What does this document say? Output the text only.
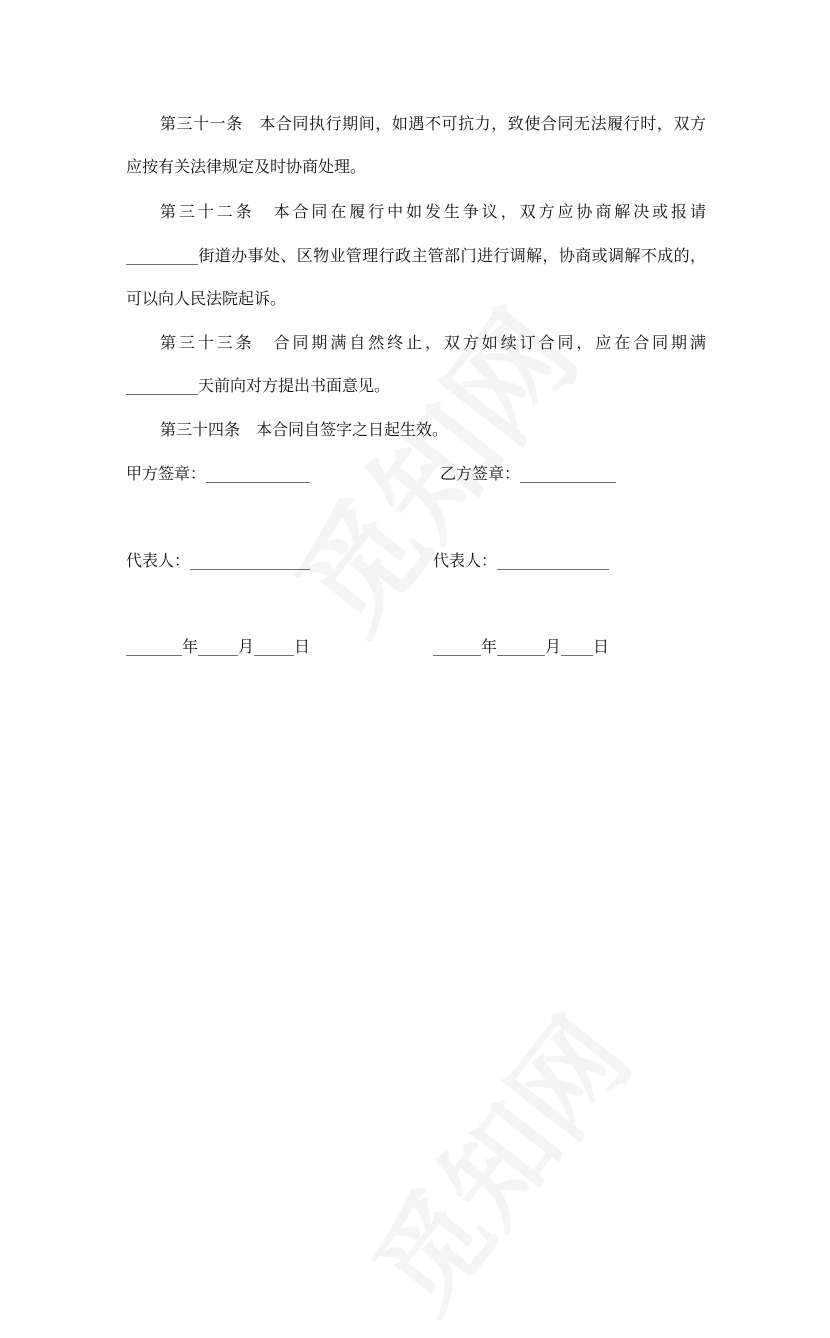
第三十一条　本合同执行期间，如遇不可抗力，致使合同无法履行时，双方
应按有关法律规定及时协商处理。
第三十二条　本合同在履行中如发生争议，双方应协商解决或报请
_________街道办事处、区物业管理行政主管部门进行调解，协商或调解不成的，
可以向人民法院起诉。
第三十三条　合同期满自然终止，双方如续订合同，应在合同期满
_________天前向对方提出书面意见。
第三十四条　本合同自签字之日起生效。
甲方签章：_____________	乙方签章：____________
代表人：_______________	代表人：______________
_______年_____月_____日	______年______月____日
